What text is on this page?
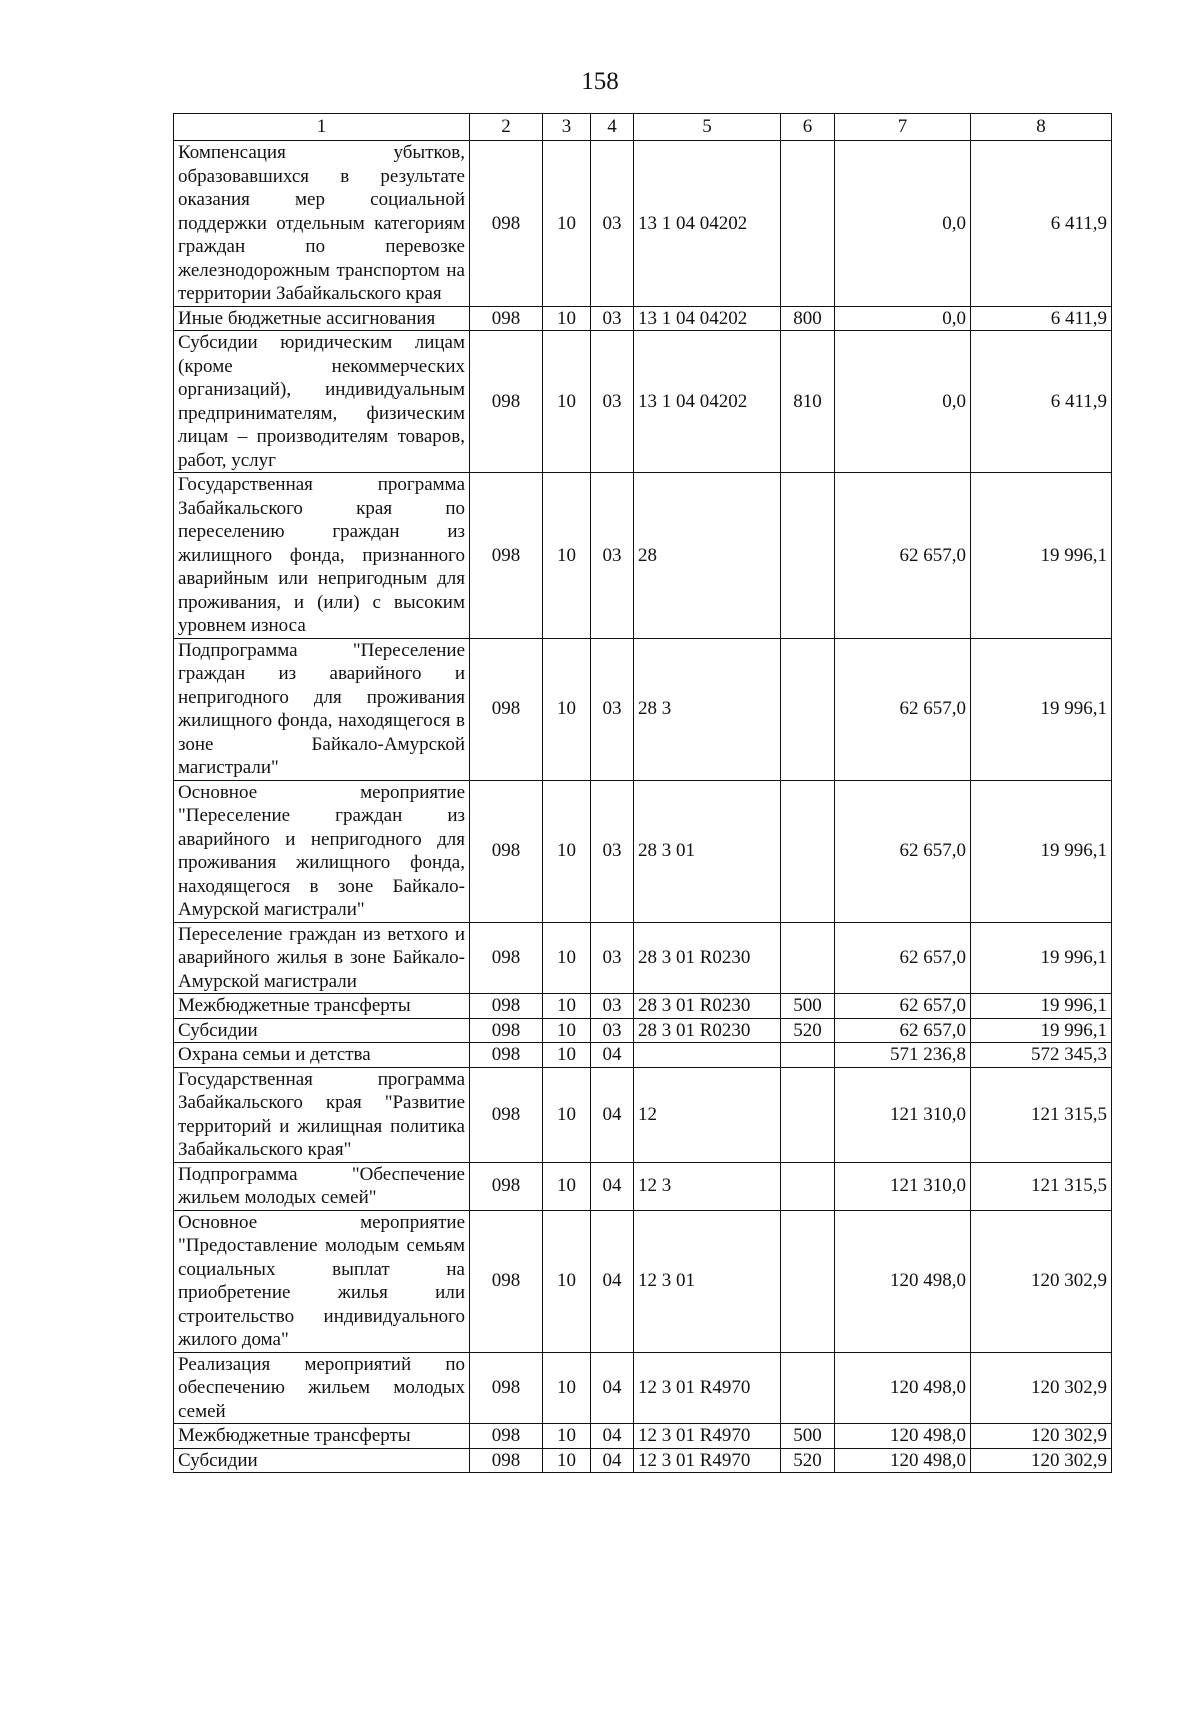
158
1	2	3	4	5	6	7	8
Компенсация убытков, образовавшихся в результате оказания мер социальной поддержки отдельным категориям граждан по перевозке железнодорожным транспортом на территории Забайкальского края	098	10	03	13 1 04 04202		0,0	6 411,9
Иные бюджетные ассигнования	098	10	03	13 1 04 04202	800	0,0	6 411,9
Субсидии юридическим лицам (кроме некоммерческих организаций), индивидуальным предпринимателям, физическим лицам – производителям товаров, работ, услуг	098	10	03	13 1 04 04202	810	0,0	6 411,9
Государственная программа Забайкальского края по переселению граждан из жилищного фонда, признанного аварийным или непригодным для проживания, и (или) с высоким уровнем износа	098	10	03	28		62 657,0	19 996,1
Подпрограмма "Переселение граждан из аварийного и непригодного для проживания жилищного фонда, находящегося в зоне Байкало-Амурской магистрали"	098	10	03	28 3		62 657,0	19 996,1
Основное мероприятие "Переселение граждан из аварийного и непригодного для проживания жилищного фонда, находящегося в зоне Байкало-Амурской магистрали"	098	10	03	28 3 01		62 657,0	19 996,1
Переселение граждан из ветхого и аварийного жилья в зоне Байкало-Амурской магистрали	098	10	03	28 3 01 R0230		62 657,0	19 996,1
Межбюджетные трансферты	098	10	03	28 3 01 R0230	500	62 657,0	19 996,1
Субсидии	098	10	03	28 3 01 R0230	520	62 657,0	19 996,1
Охрана семьи и детства	098	10	04			571 236,8	572 345,3
Государственная программа Забайкальского края "Развитие территорий и жилищная политика Забайкальского края"	098	10	04	12		121 310,0	121 315,5
Подпрограмма "Обеспечение жильем молодых семей"	098	10	04	12 3		121 310,0	121 315,5
Основное мероприятие "Предоставление молодым семьям социальных выплат на приобретение жилья или строительство индивидуального жилого дома"	098	10	04	12 3 01		120 498,0	120 302,9
Реализация мероприятий по обеспечению жильем молодых семей	098	10	04	12 3 01 R4970		120 498,0	120 302,9
Межбюджетные трансферты	098	10	04	12 3 01 R4970	500	120 498,0	120 302,9
Субсидии	098	10	04	12 3 01 R4970	520	120 498,0	120 302,9
